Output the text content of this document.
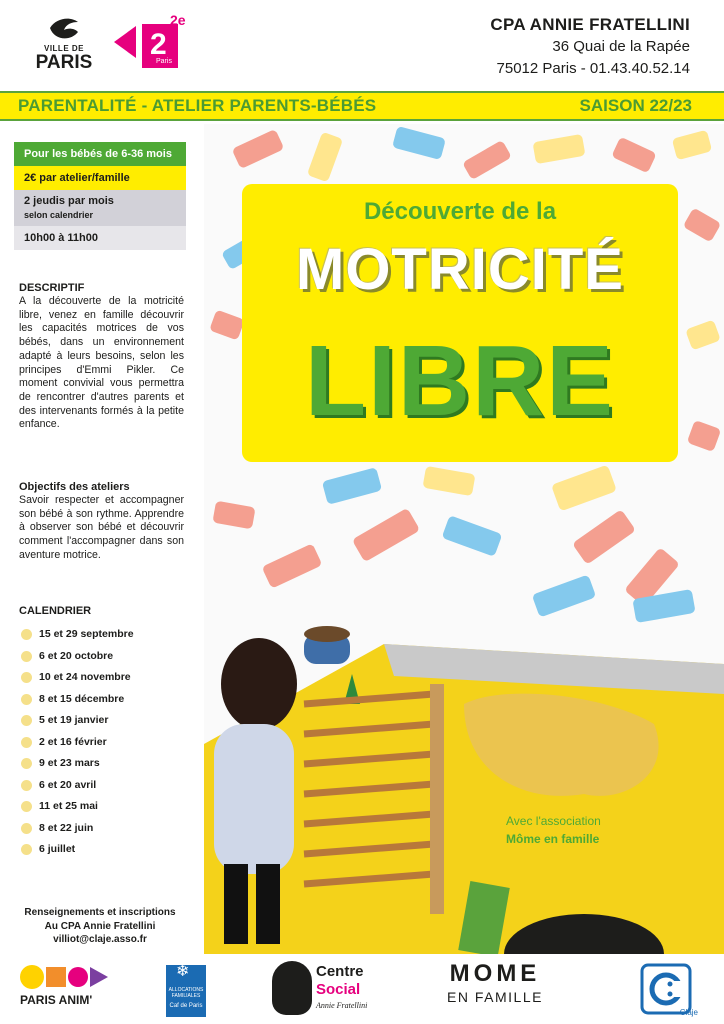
VILLE DE
PARIS
2
2e
Paris
CPA ANNIE FRATELLINI
36 Quai de la Rapée
75012 Paris - 01.43.40.52.14
PARENTALITÉ - ATELIER PARENTS-BÉBÉS	SAISON 22/23
Pour les bébés de 6-36 mois
2€ par atelier/famille
2 jeudis par mois
selon calendrier
10h00 à 11h00
DESCRIPTIF
A la découverte de la motricité libre, venez en famille découvrir les capacités motrices de vos bébés, dans un environnement adapté à leurs besoins, selon les principes d'Emmi Pikler. Ce moment convivial vous permettra de rencontrer d'autres parents et des intervenants formés à la petite enfance.
Objectifs des ateliers
Savoir respecter et accompagner son bébé à son rythme. Apprendre à observer son bébé et découvrir comment l'accompagner dans son aventure motrice.
CALENDRIER
15 et 29 septembre
6 et 20 octobre
10 et 24 novembre
8 et 15 décembre
5 et 19 janvier
2 et 16 février
9 et 23 mars
6 et 20 avril
11 et 25 mai
8 et 22 juin
6 juillet
Renseignements et inscriptions
Au CPA Annie Fratellini
villiot@claje.asso.fr
Découverte de la
MOTRICITÉ
LIBRE
Avec l'association
Môme en famille
PARIS ANIM'
❄
ALLOCATIONS FAMILIALES
Caf de Paris
Centre
Social
Annie Fratellini
MOME
EN FAMILLE
Claje
